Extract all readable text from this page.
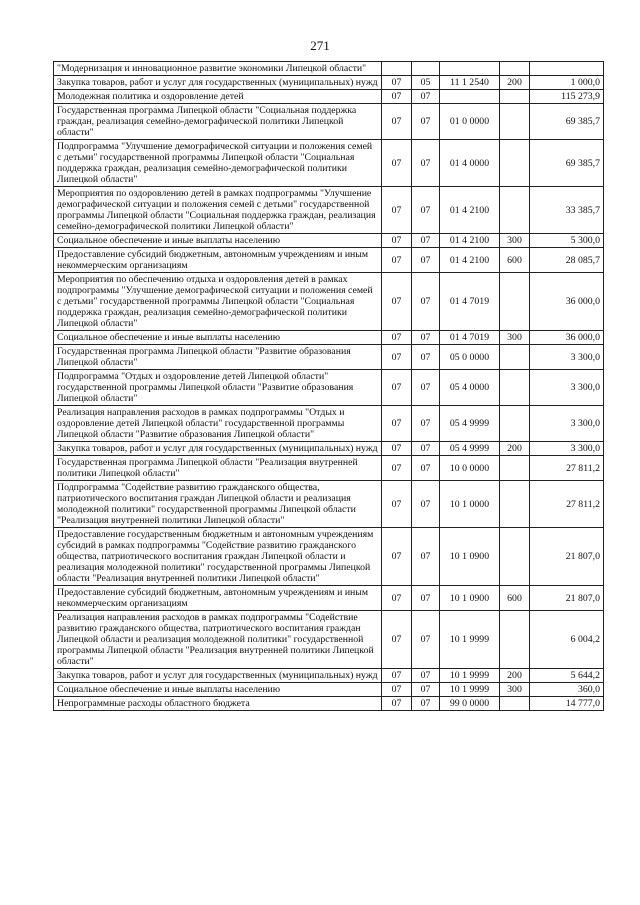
271
"Модернизация и инновационное развитие экономики Липецкой области"					
Закупка товаров, работ и услуг для государственных (муниципальных) нужд	07	05	11 1 2540	200	1 000,0
Молодежная политика и оздоровление детей	07	07			115 273,9
Государственная программа Липецкой области "Социальная поддержка граждан, реализация семейно-демографической политики Липецкой области"	07	07	01 0 0000		69 385,7
Подпрограмма "Улучшение демографической ситуации и положения семей с детьми" государственной программы Липецкой области "Социальная поддержка граждан, реализация семейно-демографической политики Липецкой области"	07	07	01 4 0000		69 385,7
Мероприятия по оздоровлению детей в рамках подпрограммы "Улучшение демографической ситуации и положения семей с детьми" государственной программы Липецкой области "Социальная поддержка граждан, реализация семейно-демографической политики Липецкой области"	07	07	01 4 2100		33 385,7
Социальное обеспечение и иные выплаты населению	07	07	01 4 2100	300	5 300,0
Предоставление субсидий бюджетным, автономным учреждениям и иным некоммерческим организациям	07	07	01 4 2100	600	28 085,7
Мероприятия по обеспечению отдыха и оздоровления детей в рамках подпрограммы "Улучшение демографической ситуации и положения семей с детьми" государственной программы Липецкой области "Социальная поддержка граждан, реализация семейно-демографической политики Липецкой области"	07	07	01 4 7019		36 000,0
Социальное обеспечение и иные выплаты населению	07	07	01 4 7019	300	36 000,0
Государственная программа Липецкой области "Развитие образования Липецкой области"	07	07	05 0 0000		3 300,0
Подпрограмма "Отдых и оздоровление детей Липецкой области" государственной программы Липецкой области "Развитие образования Липецкой области"	07	07	05 4 0000		3 300,0
Реализация направления расходов в рамках подпрограммы "Отдых и оздоровление детей Липецкой области" государственной программы Липецкой области "Развитие образования Липецкой области"	07	07	05 4 9999		3 300,0
Закупка товаров, работ и услуг для государственных (муниципальных) нужд	07	07	05 4 9999	200	3 300,0
Государственная программа Липецкой области "Реализация внутренней политики Липецкой области"	07	07	10 0 0000		27 811,2
Подпрограмма "Содействие развитию гражданского общества, патриотического воспитания граждан Липецкой области и реализация молодежной политики" государственной программы Липецкой области "Реализация внутренней политики Липецкой области"	07	07	10 1 0000		27 811,2
Предоставление государственным бюджетным и автономным учреждениям субсидий в рамках подпрограммы "Содействие развитию гражданского общества, патриотического воспитания граждан Липецкой области и реализация молодежной политики" государственной программы Липецкой области "Реализация внутренней политики Липецкой области"	07	07	10 1 0900		21 807,0
Предоставление субсидий бюджетным, автономным учреждениям и иным некоммерческим организациям	07	07	10 1 0900	600	21 807,0
Реализация направления расходов в рамках подпрограммы "Содействие развитию гражданского общества, патриотического воспитания граждан Липецкой области и реализация молодежной политики" государственной программы Липецкой области "Реализация внутренней политики Липецкой области"	07	07	10 1 9999		6 004,2
Закупка товаров, работ и услуг для государственных (муниципальных) нужд	07	07	10 1 9999	200	5 644,2
Социальное обеспечение и иные выплаты населению	07	07	10 1 9999	300	360,0
Непрограммные расходы областного бюджета	07	07	99 0 0000		14 777,0
